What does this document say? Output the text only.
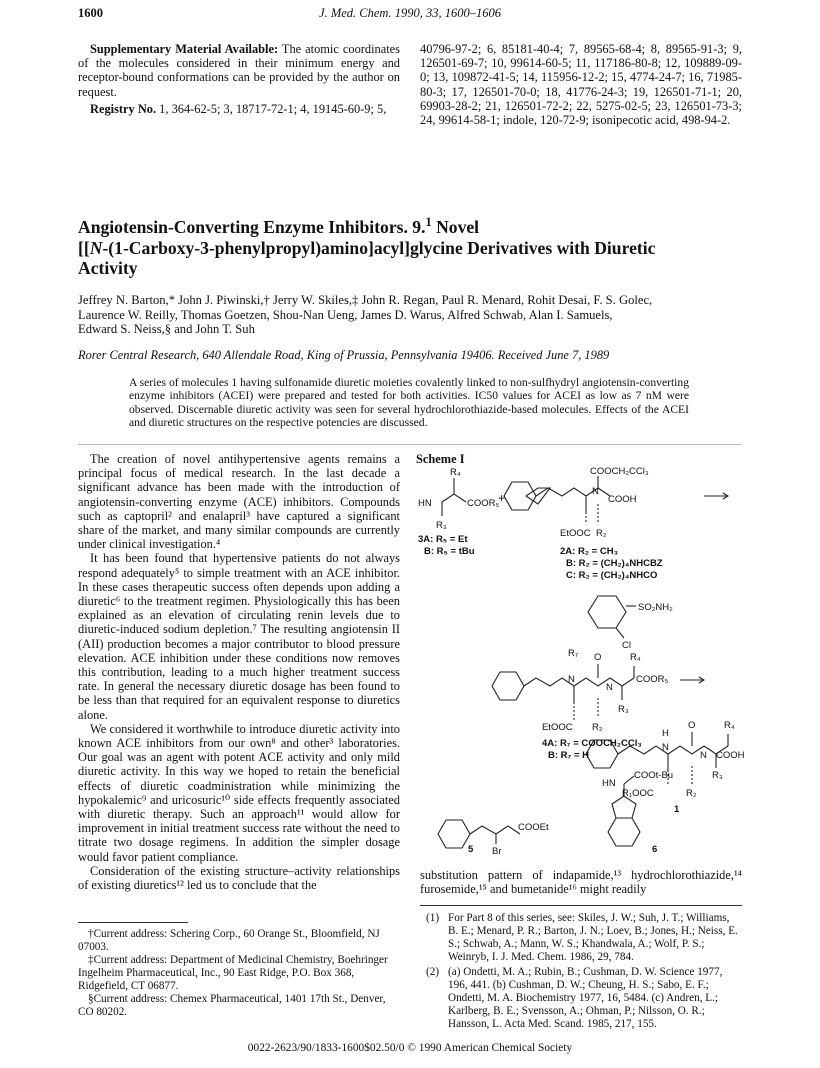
1600	J. Med. Chem. 1990, 33, 1600–1606

Supplementary Material Available: The atomic coordinates of the molecules considered in their minimum energy and receptor-bound conformations can be provided by the author on request.

Registry No. 1, 364-62-5; 3, 18717-72-1; 4, 19145-60-9; 5,

40796-97-2; 6, 85181-40-4; 7, 89565-68-4; 8, 89565-91-3; 9, 126501-69-7; 10, 99614-60-5; 11, 117186-80-8; 12, 109889-09-0; 13, 109872-41-5; 14, 115956-12-2; 15, 4774-24-7; 16, 71985-80-3; 17, 126501-70-0; 18, 41776-24-3; 19, 126501-71-1; 20, 69903-28-2; 21, 126501-72-2; 22, 5275-02-5; 23, 126501-73-3; 24, 99614-58-1; indole, 120-72-9; isonipecotic acid, 498-94-2.

Angiotensin-Converting Enzyme Inhibitors. 9.$^1$ Novel
[[N-(1-Carboxy-3-phenylpropyl)amino]acyl]glycine Derivatives with Diuretic
Activity
Jeffrey N. Barton,* John J. Piwinski,† Jerry W. Skiles,‡ John R. Regan, Paul R. Menard, Rohit Desai, F. S. Golec,
Laurence W. Reilly, Thomas Goetzen, Shou-Nan Ueng, James D. Warus, Alfred Schwab, Alan I. Samuels,
Edward S. Neiss,§ and John T. Suh
Rorer Central Research, 640 Allendale Road, King of Prussia, Pennsylvania 19406. Received June 7, 1989
A series of molecules 1 having sulfonamide diuretic moieties covalently linked to non-sulfhydryl angiotensin-converting enzyme inhibitors (ACEI) were prepared and tested for both activities. IC50 values for ACEI as low as 7 nM were observed. Discernable diuretic activity was seen for several hydrochlorothiazide-based molecules. Effects of the ACEI and diuretic structures on the respective potencies are discussed.

The creation of novel antihypertensive agents remains a principal focus of medical research. In the last decade a significant advance has been made with the introduction of angiotensin-converting enzyme (ACE) inhibitors. Compounds such as captopril² and enalapril³ have captured a significant share of the market, and many similar compounds are currently under clinical investigation.⁴

It has been found that hypertensive patients do not always respond adequately⁵ to simple treatment with an ACE inhibitor. In these cases therapeutic success often depends upon adding a diuretic⁶ to the treatment regimen. Physiologically this has been explained as an elevation of circulating renin levels due to diuretic-induced sodium depletion.⁷ The resulting angiotensin II (AII) production becomes a major contributor to blood pressure elevation. ACE inhibition under these conditions now removes this contribution, leading to a much higher treatment success rate. In general the necessary diuretic dosage has been found to be less than that required for an equivalent response to diuretics alone.

We considered it worthwhile to introduce diuretic activity into known ACE inhibitors from our own⁸ and other³ laboratories. Our goal was an agent with potent ACE activity and only mild diuretic activity. In this way we hoped to retain the beneficial effects of diuretic coadministration while minimizing the hypokalemic⁹ and uricosuric¹⁰ side effects frequently associated with diuretic therapy. Such an approach¹¹ would allow for improvement in initial treatment success rate without the need to titrate two dosage regimens. In addition the simpler dosage would favor patient compliance.

Consideration of the existing structure–activity relationships of existing diuretics¹² led us to conclude that the

†Current address: Schering Corp., 60 Orange St., Bloomfield, NJ 07003.

‡Current address: Department of Medicinal Chemistry, Boehringer Ingelheim Pharmaceutical, Inc., 90 East Ridge, P.O. Box 368, Ridgefield, CT 06877.

§Current address: Chemex Pharmaceutical, 1401 17th St., Denver, CO 80202.

Scheme I
R₄
HN	COOR₅
+
R₃
3A: R₅ = Et
B: R₅ = tBu
COOCH₂CCl₃
N
COOH
EtOOC R₂
2A: R₂ = CH₃
B: R₂ = (CH₂)₄NHCBZ
C: R₂ = (CH₂)₄NHCO
SO₂NH₂
Cl
R₇ O	R₄
N
N
COOR₅
R₃
EtOOC R₂
4A: R₇ = COOCH₂CCl₃
B: R₇ = H
H
O	R₄
N
N COOH
R₃
R₁OOC	R₂
1
HN
COOt-Bu
COOEt
Br
5	6

substitution pattern of indapamide,¹³ hydrochlorothiazide,¹⁴ furosemide,¹⁵ and bumetanide¹⁶ might readily

(1) For Part 8 of this series, see: Skiles, J. W.; Suh, J. T.; Williams, B. E.; Menard, P. R.; Barton, J. N.; Loev, B.; Jones, H.; Neiss, E. S.; Schwab, A.; Mann, W. S.; Khandwala, A.; Wolf, P. S.; Weinryb, I. J. Med. Chem. 1986, 29, 784.
(2) (a) Ondetti, M. A.; Rubin, B.; Cushman, D. W. Science 1977, 196, 441. (b) Cushman, D. W.; Cheung, H. S.; Sabo, E. F.; Ondetti, M. A. Biochemistry 1977, 16, 5484. (c) Andren, L.; Karlberg, B. E.; Svensson, A.; Ohman, P.; Nilsson, O. R.; Hansson, L. Acta Med. Scand. 1985, 217, 155.
0022-2623/90/1833-1600$02.50/0 © 1990 American Chemical Society
